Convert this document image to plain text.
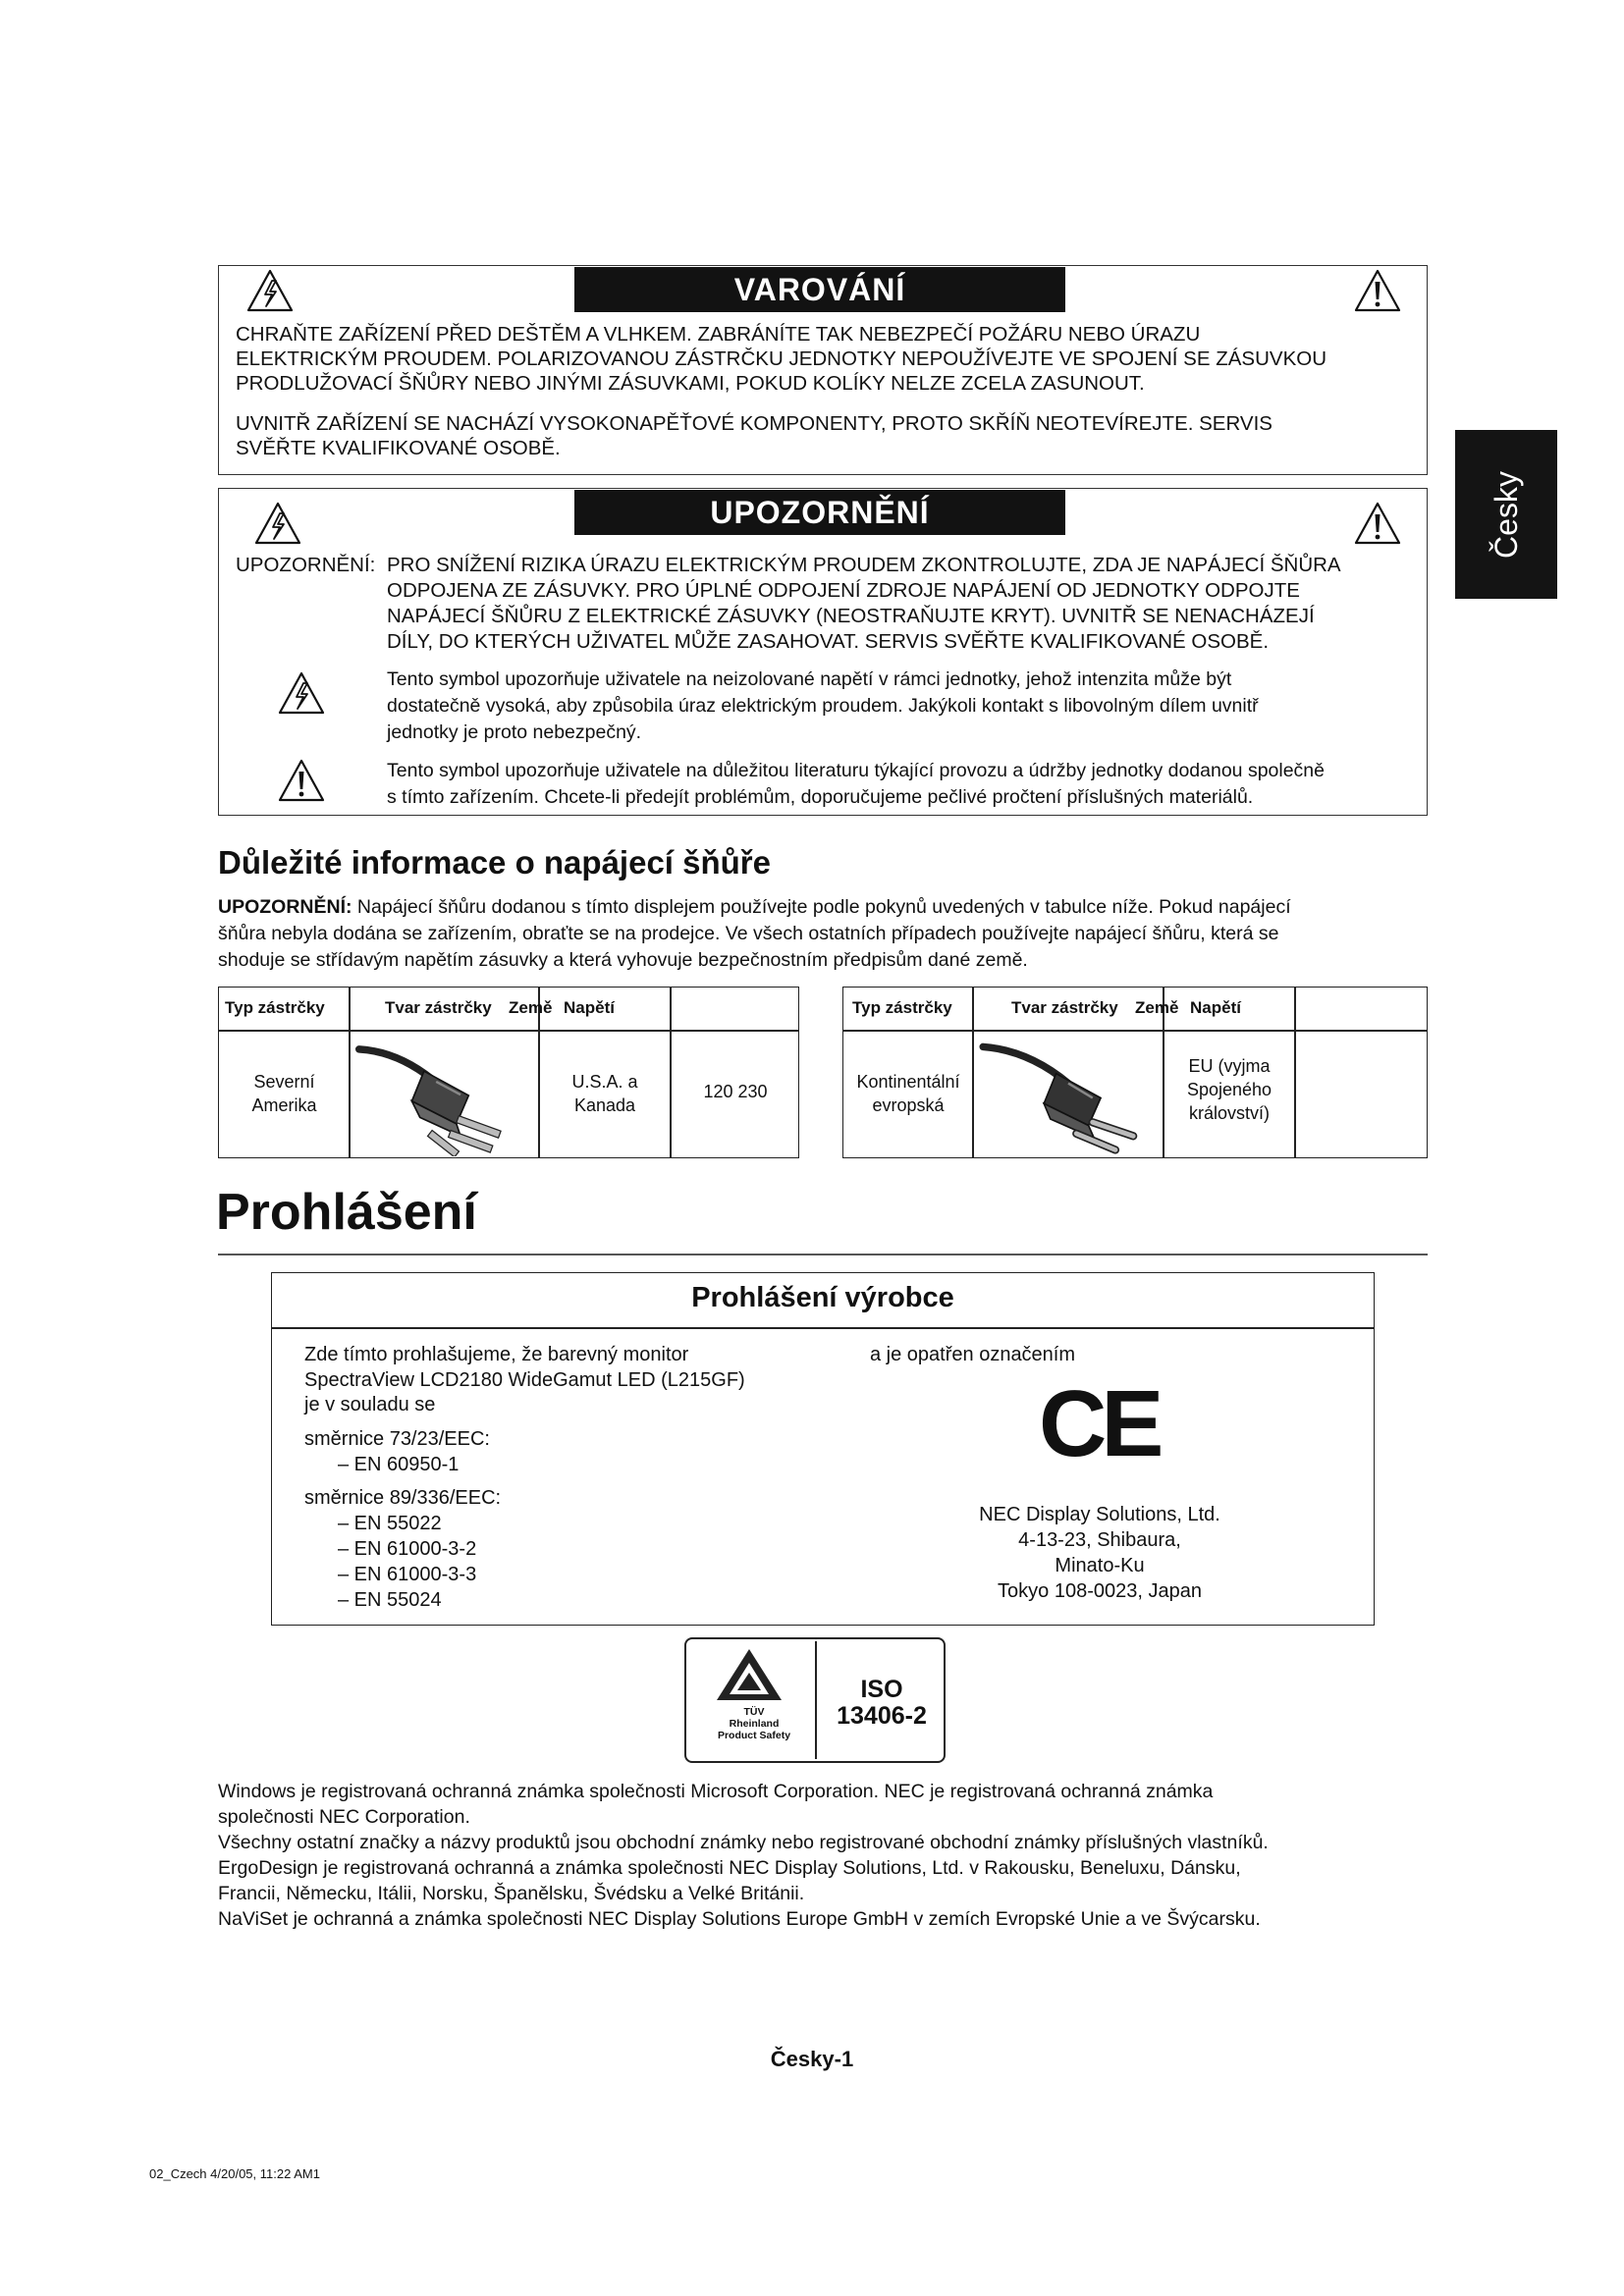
Česky
VAROVÁNÍ
CHRAŇTE ZAŘÍZENÍ PŘED DEŠTĚM A VLHKEM. ZABRÁNÍTE TAK NEBEZPEČÍ POŽÁRU NEBO ÚRAZU
ELEKTRICKÝM PROUDEM. POLARIZOVANOU ZÁSTRČKU JEDNOTKY NEPOUŽÍVEJTE VE SPOJENÍ SE ZÁSUVKOU
PRODLUŽOVACÍ ŠŇŮRY NEBO JINÝMI ZÁSUVKAMI, POKUD KOLÍKY NELZE ZCELA ZASUNOUT.
UVNITŘ ZAŘÍZENÍ SE NACHÁZÍ VYSOKONAPĚŤOVÉ KOMPONENTY, PROTO SKŘÍŇ NEOTEVÍREJTE. SERVIS
SVĚŘTE KVALIFIKOVANÉ OSOBĚ.
UPOZORNĚNÍ
UPOZORNĚNÍ: PRO SNÍŽENÍ RIZIKA ÚRAZU ELEKTRICKÝM PROUDEM ZKONTROLUJTE, ZDA JE NAPÁJECÍ ŠŇŮRA
ODPOJENA ZE ZÁSUVKY. PRO ÚPLNÉ ODPOJENÍ ZDROJE NAPÁJENÍ OD JEDNOTKY ODPOJTE
NAPÁJECÍ ŠŇŮRU Z ELEKTRICKÉ ZÁSUVKY (NEOSTRAŇUJTE KRYT). UVNITŘ SE NENACHÁZEJÍ
DÍLY, DO KTERÝCH UŽIVATEL MŮŽE ZASAHOVAT. SERVIS SVĚŘTE KVALIFIKOVANÉ OSOBĚ.
Tento symbol upozorňuje uživatele na neizolované napětí v rámci jednotky, jehož intenzita může být
dostatečně vysoká, aby způsobila úraz elektrickým proudem. Jakýkoli kontakt s libovolným dílem uvnitř
jednotky je proto nebezpečný.
Tento symbol upozorňuje uživatele na důležitou literaturu týkající provozu a údržby jednotky dodanou společně
s tímto zařízením. Chcete-li předejít problémům, doporučujeme pečlivé pročtení příslušných materiálů.
Důležité informace o napájecí šňůře
UPOZORNĚNÍ: Napájecí šňůru dodanou s tímto displejem používejte podle pokynů uvedených v tabulce níže. Pokud napájecí
šňůra nebyla dodána se zařízením, obraťte se na prodejce. Ve všech ostatních případech používejte napájecí šňůru, která se
shoduje se střídavým napětím zásuvky a která vyhovuje bezpečnostním předpisům dané země.
Typ zástrčky	Tvar zástrčky Země Napětí
Severní
Amerika
U.S.A. a
Kanada
120 230
Typ zástrčky	Tvar zástrčky Země Napětí
Kontinentální
evropská
EU (vyjma
Spojeného
království)
Prohlášení
Prohlášení výrobce
Zde tímto prohlašujeme, že barevný monitor
SpectraView LCD2180 WideGamut LED (L215GF)
je v souladu se
směrnice 73/23/EEC:
– EN 60950-1
směrnice 89/336/EEC:
– EN 55022
– EN 61000-3-2
– EN 61000-3-3
– EN 55024
a je opatřen označením
CE
NEC Display Solutions, Ltd.
4-13-23, Shibaura,
Minato-Ku
Tokyo 108-0023, Japan
TÜV
Rheinland
Product Safety
ISO
13406-2
Windows je registrovaná ochranná známka společnosti Microsoft Corporation. NEC je registrovaná ochranná známka
společnosti NEC Corporation.
Všechny ostatní značky a názvy produktů jsou obchodní známky nebo registrované obchodní známky příslušných vlastníků.
ErgoDesign je registrovaná ochranná a známka společnosti NEC Display Solutions, Ltd. v Rakousku, Beneluxu, Dánsku,
Francii, Německu, Itálii, Norsku, Španělsku, Švédsku a Velké Británii.
NaViSet je ochranná a známka společnosti NEC Display Solutions Europe GmbH v zemích Evropské Unie a ve Švýcarsku.
Česky-1
02_Czech 4/20/05, 11:22 AM1
